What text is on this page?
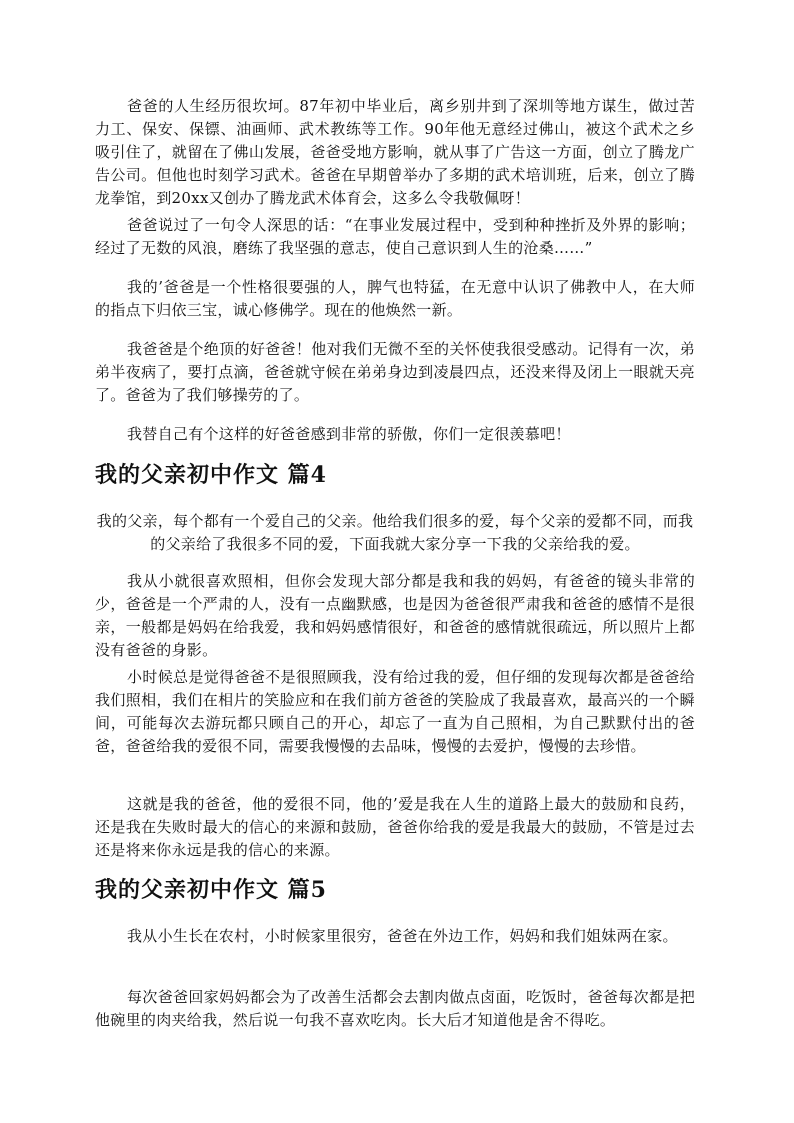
爸爸的人生经历很坎坷。87年初中毕业后，离乡别井到了深圳等地方谋生，做过苦力工、保安、保镖、油画师、武术教练等工作。90年他无意经过佛山，被这个武术之乡吸引住了，就留在了佛山发展，爸爸受地方影响，就从事了广告这一方面，创立了腾龙广告公司。但他也时刻学习武术。爸爸在早期曾举办了多期的武术培训班，后来，创立了腾龙拳馆，到20xx又创办了腾龙武术体育会，这多么令我敬佩呀！

爸爸说过了一句令人深思的话：“在事业发展过程中，受到种种挫折及外界的影响；经过了无数的风浪，磨练了我坚强的意志，使自己意识到人生的沧桑……”

我的’爸爸是一个性格很要强的人，脾气也特猛，在无意中认识了佛教中人，在大师的指点下归依三宝，诚心修佛学。现在的他焕然一新。

我爸爸是个绝顶的好爸爸！他对我们无微不至的关怀使我很受感动。记得有一次，弟弟半夜病了，要打点滴，爸爸就守候在弟弟身边到凌晨四点，还没来得及闭上一眼就天亮了。爸爸为了我们够操劳的了。

我替自己有个这样的好爸爸感到非常的骄傲，你们一定很羡慕吧！

我的父亲初中作文 篇4

我的父亲，每个都有一个爱自己的父亲。他给我们很多的爱，每个父亲的爱都不同，而我的父亲给了我很多不同的爱，下面我就大家分享一下我的父亲给我的爱。

我从小就很喜欢照相，但你会发现大部分都是我和我的妈妈，有爸爸的镜头非常的少，爸爸是一个严肃的人，没有一点幽默感，也是因为爸爸很严肃我和爸爸的感情不是很亲，一般都是妈妈在给我爱，我和妈妈感情很好，和爸爸的感情就很疏远，所以照片上都没有爸爸的身影。

小时候总是觉得爸爸不是很照顾我，没有给过我的爱，但仔细的发现每次都是爸爸给我们照相，我们在相片的笑脸应和在我们前方爸爸的笑脸成了我最喜欢，最高兴的一个瞬间，可能每次去游玩都只顾自己的开心，却忘了一直为自己照相，为自己默默付出的爸爸，爸爸给我的爱很不同，需要我慢慢的去品味，慢慢的去爱护，慢慢的去珍惜。

这就是我的爸爸，他的爱很不同，他的’爱是我在人生的道路上最大的鼓励和良药，还是我在失败时最大的信心的来源和鼓励，爸爸你给我的爱是我最大的鼓励，不管是过去还是将来你永远是我的信心的来源。

我的父亲初中作文 篇5

我从小生长在农村，小时候家里很穷，爸爸在外边工作，妈妈和我们姐妹两在家。

每次爸爸回家妈妈都会为了改善生活都会去割肉做点卤面，吃饭时，爸爸每次都是把他碗里的肉夹给我，然后说一句我不喜欢吃肉。长大后才知道他是舍不得吃。
